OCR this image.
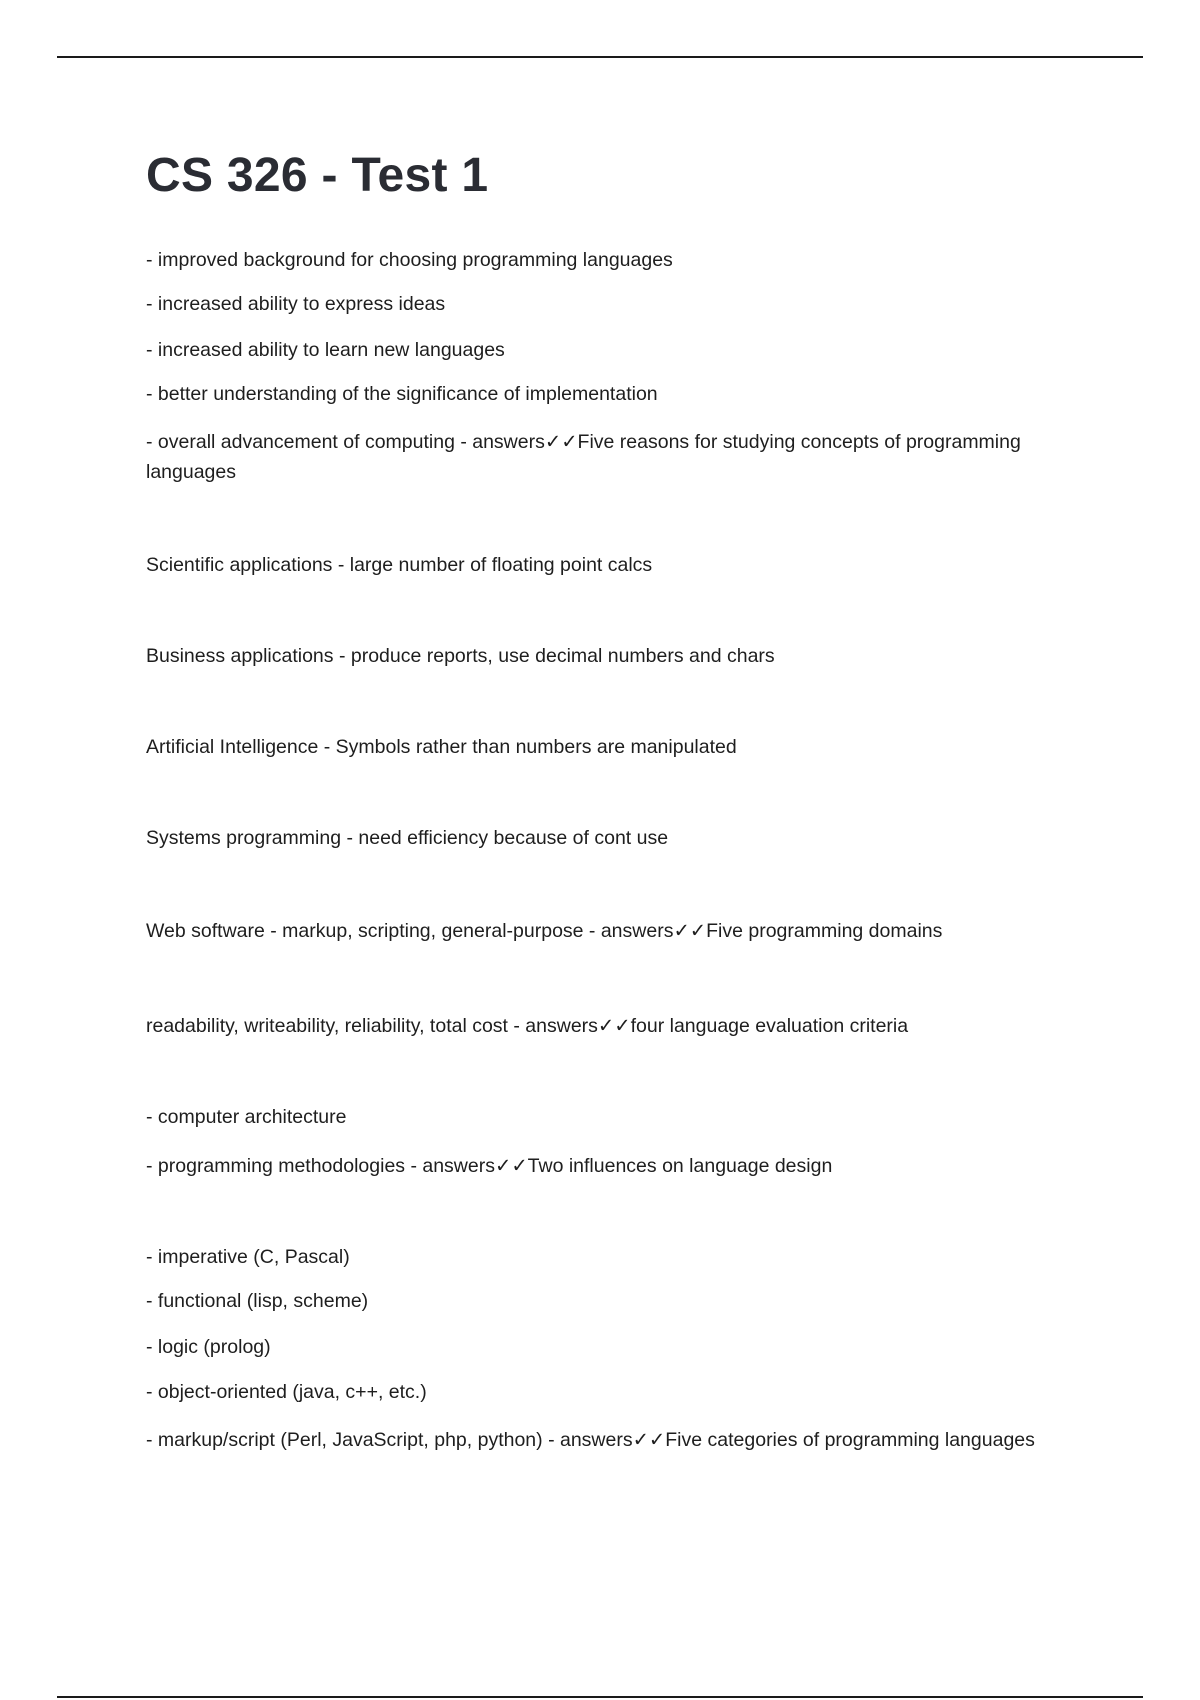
CS 326 - Test 1
- improved background for choosing programming languages
- increased ability to express ideas
- increased ability to learn new languages
- better understanding of the significance of implementation
- overall advancement of computing - answers✓✓Five reasons for studying concepts of programming languages
Scientific applications - large number of floating point calcs
Business applications - produce reports, use decimal numbers and chars
Artificial Intelligence - Symbols rather than numbers are manipulated
Systems programming - need efficiency because of cont use
Web software - markup, scripting, general-purpose - answers✓✓Five programming domains
readability, writeability, reliability, total cost - answers✓✓four language evaluation criteria
- computer architecture
- programming methodologies - answers✓✓Two influences on language design
- imperative (C, Pascal)
- functional (lisp, scheme)
- logic (prolog)
- object-oriented (java, c++, etc.)
- markup/script (Perl, JavaScript, php, python) - answers✓✓Five categories of programming languages
